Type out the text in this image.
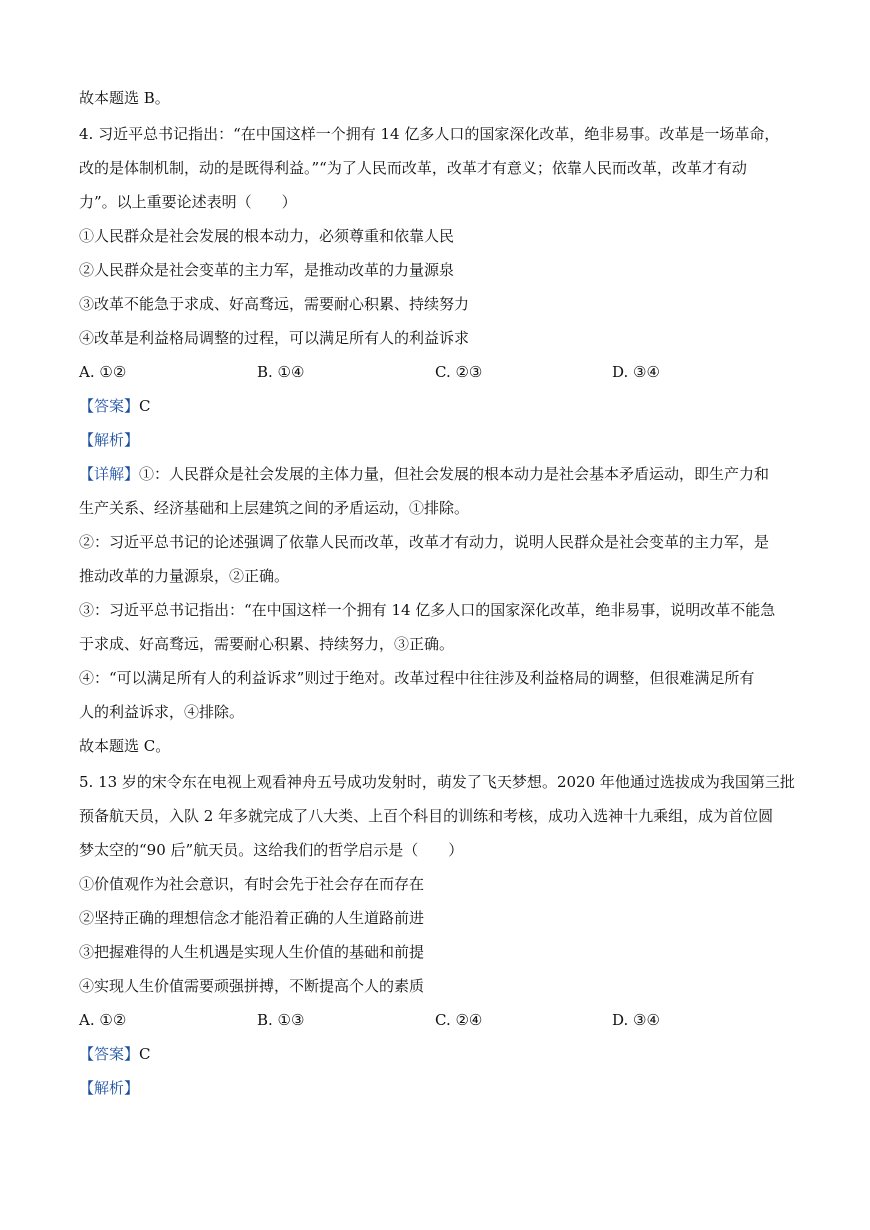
故本题选 B。
4. 习近平总书记指出：“在中国这样一个拥有 14 亿多人口的国家深化改革，绝非易事。改革是一场革命，
改的是体制机制，动的是既得利益。”“为了人民而改革，改革才有意义；依靠人民而改革，改革才有动
力”。以上重要论述表明（　　）
①人民群众是社会发展的根本动力，必须尊重和依靠人民
②人民群众是社会变革的主力军，是推动改革的力量源泉
③改革不能急于求成、好高骛远，需要耐心积累、持续努力
④改革是利益格局调整的过程，可以满足所有人的利益诉求
A. ①②	B. ①④	C. ②③	D. ③④
【答案】C
【解析】
【详解】①：人民群众是社会发展的主体力量，但社会发展的根本动力是社会基本矛盾运动，即生产力和
生产关系、经济基础和上层建筑之间的矛盾运动，①排除。
②：习近平总书记的论述强调了依靠人民而改革，改革才有动力，说明人民群众是社会变革的主力军，是
推动改革的力量源泉，②正确。
③：习近平总书记指出：“在中国这样一个拥有 14 亿多人口的国家深化改革，绝非易事，说明改革不能急
于求成、好高骛远，需要耐心积累、持续努力，③正确。
④：“可以满足所有人的利益诉求”则过于绝对。改革过程中往往涉及利益格局的调整，但很难满足所有
人的利益诉求，④排除。
故本题选 C。
5. 13 岁的宋令东在电视上观看神舟五号成功发射时，萌发了飞天梦想。2020 年他通过选拔成为我国第三批
预备航天员，入队 2 年多就完成了八大类、上百个科目的训练和考核，成功入选神十九乘组，成为首位圆
梦太空的“90 后”航天员。这给我们的哲学启示是（　　）
①价值观作为社会意识，有时会先于社会存在而存在
②坚持正确的理想信念才能沿着正确的人生道路前进
③把握难得的人生机遇是实现人生价值的基础和前提
④实现人生价值需要顽强拼搏，不断提高个人的素质
A. ①②	B. ①③	C. ②④	D. ③④
【答案】C
【解析】
